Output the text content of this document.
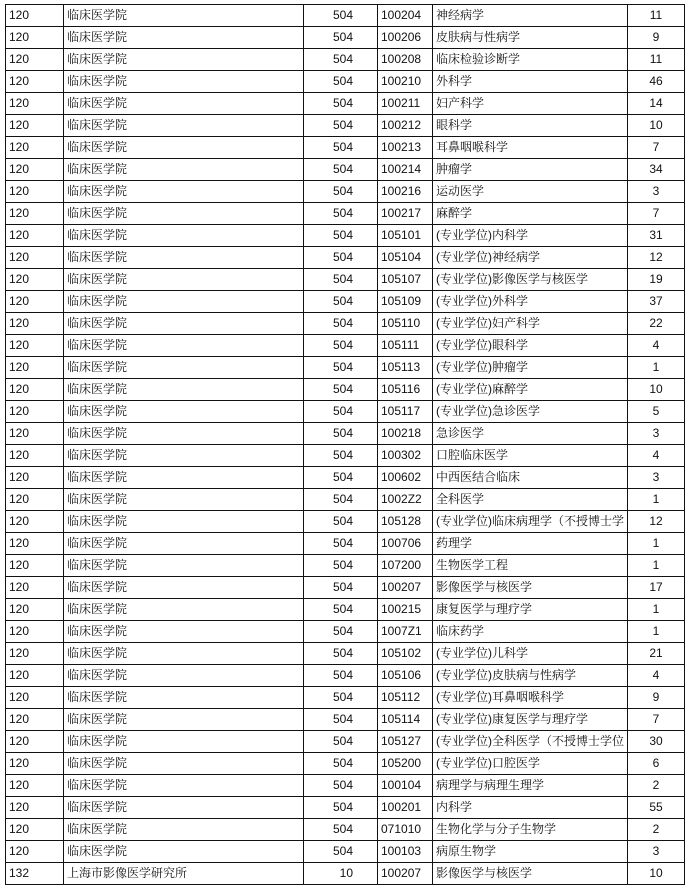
120	临床医学院	504	100204	神经病学	11
120	临床医学院	504	100206	皮肤病与性病学	9
120	临床医学院	504	100208	临床检验诊断学	11
120	临床医学院	504	100210	外科学	46
120	临床医学院	504	100211	妇产科学	14
120	临床医学院	504	100212	眼科学	10
120	临床医学院	504	100213	耳鼻咽喉科学	7
120	临床医学院	504	100214	肿瘤学	34
120	临床医学院	504	100216	运动医学	3
120	临床医学院	504	100217	麻醉学	7
120	临床医学院	504	105101	(专业学位)内科学	31
120	临床医学院	504	105104	(专业学位)神经病学	12
120	临床医学院	504	105107	(专业学位)影像医学与核医学	19
120	临床医学院	504	105109	(专业学位)外科学	37
120	临床医学院	504	105110	(专业学位)妇产科学	22
120	临床医学院	504	105111	(专业学位)眼科学	4
120	临床医学院	504	105113	(专业学位)肿瘤学	1
120	临床医学院	504	105116	(专业学位)麻醉学	10
120	临床医学院	504	105117	(专业学位)急诊医学	5
120	临床医学院	504	100218	急诊医学	3
120	临床医学院	504	100302	口腔临床医学	4
120	临床医学院	504	100602	中西医结合临床	3
120	临床医学院	504	1002Z2	全科医学	1
120	临床医学院	504	105128	(专业学位)临床病理学（不授博士学	12
120	临床医学院	504	100706	药理学	1
120	临床医学院	504	107200	生物医学工程	1
120	临床医学院	504	100207	影像医学与核医学	17
120	临床医学院	504	100215	康复医学与理疗学	1
120	临床医学院	504	1007Z1	临床药学	1
120	临床医学院	504	105102	(专业学位)儿科学	21
120	临床医学院	504	105106	(专业学位)皮肤病与性病学	4
120	临床医学院	504	105112	(专业学位)耳鼻咽喉科学	9
120	临床医学院	504	105114	(专业学位)康复医学与理疗学	7
120	临床医学院	504	105127	(专业学位)全科医学（不授博士学位	30
120	临床医学院	504	105200	(专业学位)口腔医学	6
120	临床医学院	504	100104	病理学与病理生理学	2
120	临床医学院	504	100201	内科学	55
120	临床医学院	504	071010	生物化学与分子生物学	2
120	临床医学院	504	100103	病原生物学	3
132	上海市影像医学研究所	10	100207	影像医学与核医学	10
